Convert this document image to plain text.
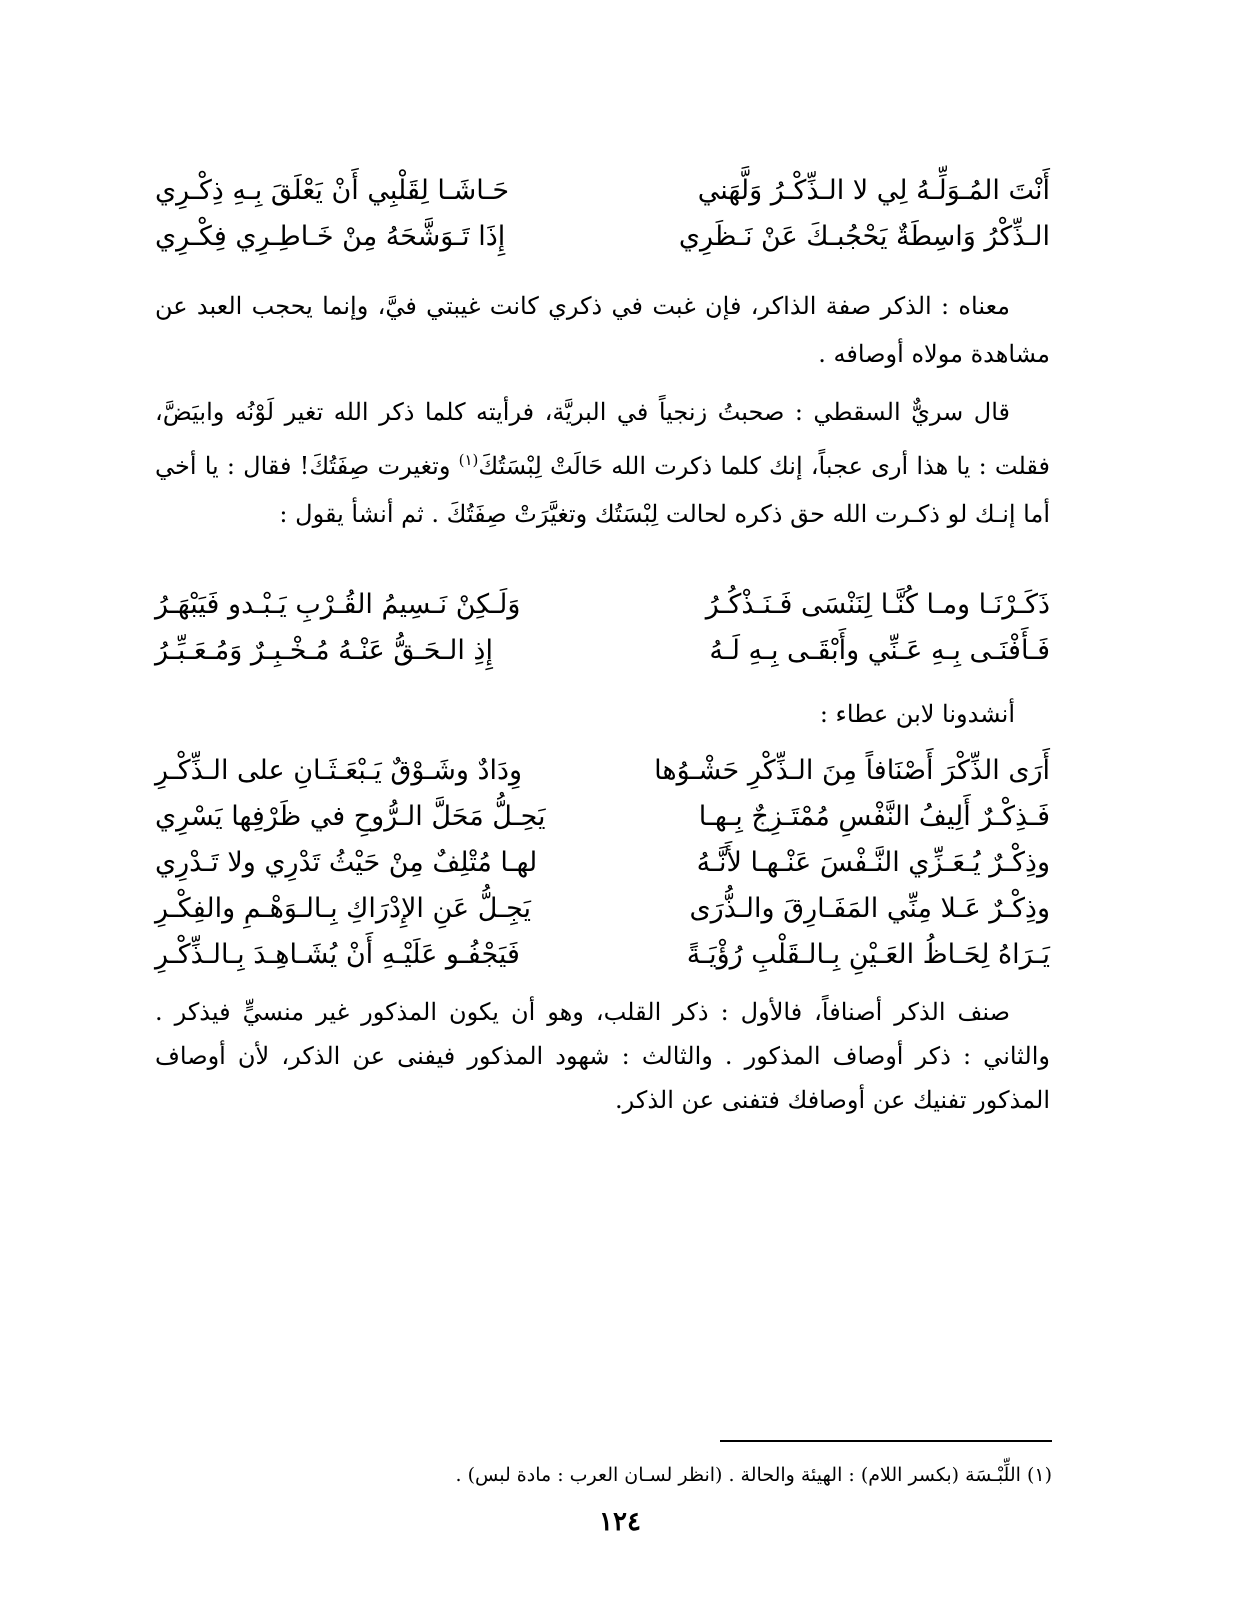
أَنْتَ المُـوَلِّـهُ لِي لا الـذِّكْـرُ وَلَّهَني
حَـاشَـا لِقَلْبِي أَنْ يَعْلَقَ بِـهِ ذِكْـرِي
الـذِّكْرُ وَاسِطَةٌ يَحْجُبـكَ عَنْ نَـظَرِي
إِذَا تَـوَشَّحَهُ مِنْ خَـاطِـرِي فِكْـرِي

معناه : الذكر صفة الذاكر، فإن غبت في ذكري كانت غيبتي فيَّ، وإنما يحجب العبد عن مشاهدة مولاه أوصافه .

قال سريٌّ السقطي : صحبتُ زنجياً في البريَّة، فرأيته كلما ذكر الله تغير لَوْنُه وابيَضَّ، فقلت : يا هذا أرى عجباً، إنك كلما ذكرت الله حَالَتْ لِبْسَتُكَ$^{(١)}$ وتغيرت صِفَتُكَ! فقال : يا أخي أما إنـك لو ذكـرت الله حق ذكره لحالت لِبْسَتُك وتغيَّرَتْ صِفَتُكَ . ثم أنشأ يقول :

ذَكَـرْنَـا ومـا كُنَّـا لِنَنْسَى فَـنَـذْكُـرُ
وَلَـكِنْ نَـسِيمُ القُـرْبِ يَـبْـدو فَيَبْهَـرُ
فَـأَفْنَـى بِـهِ عَـنِّي وأَبْقَـى بِـهِ لَـهُ
إِذِ الـحَـقُّ عَنْـهُ مُـخْـبِـرٌ وَمُـعَـبِّـرُ
أنشدونا لابن عطاء :
أَرَى الذِّكْرَ أَصْنَافاً مِنَ الـذِّكْرِ حَشْـوُها
وِدَادٌ وشَـوْقٌ يَـبْعَـثَـانِ على الـذِّكْـرِ
فَـذِكْـرٌ أَلِيفُ النَّفْسِ مُمْتَـزِجٌ بِـهـا
يَحِـلُّ مَحَلَّ الـرُّوحِ في ظَرْفِها يَسْرِي
وذِكْـرٌ يُـعَـزِّي النَّـفْسَ عَنْـهـا لأَنَّـهُ
لهـا مُتْلِفٌ مِنْ حَيْثُ تَدْرِي ولا تَـدْرِي
وذِكْـرٌ عَـلا مِنِّي المَفَـارِقَ والـذُّرَى
يَجِـلُّ عَنِ الإِدْرَاكِ بِـالـوَهْـمِ والفِكْـرِ
يَـرَاهُ لِحَـاظُ العَـيْنِ بِـالـقَلْبِ رُؤْيَـةً
فَيَجْفُـو عَلَيْـهِ أَنْ يُشَـاهِـدَ بِـالـذِّكْـرِ

صنف الذكر أصنافاً، فالأول : ذكر القلب، وهو أن يكون المذكور غير منسيٍّ فيذكر . والثاني : ذكر أوصاف المذكور . والثالث : شهود المذكور فيفنى عن الذكر، لأن أوصاف المذكور تفنيك عن أوصافك فتفنى عن الذكر.

(١) اللِّبْـسَة (بكسر اللام) : الهيئة والحالة . (انظر لسـان العرب : مادة لبس) .
١٢٤
